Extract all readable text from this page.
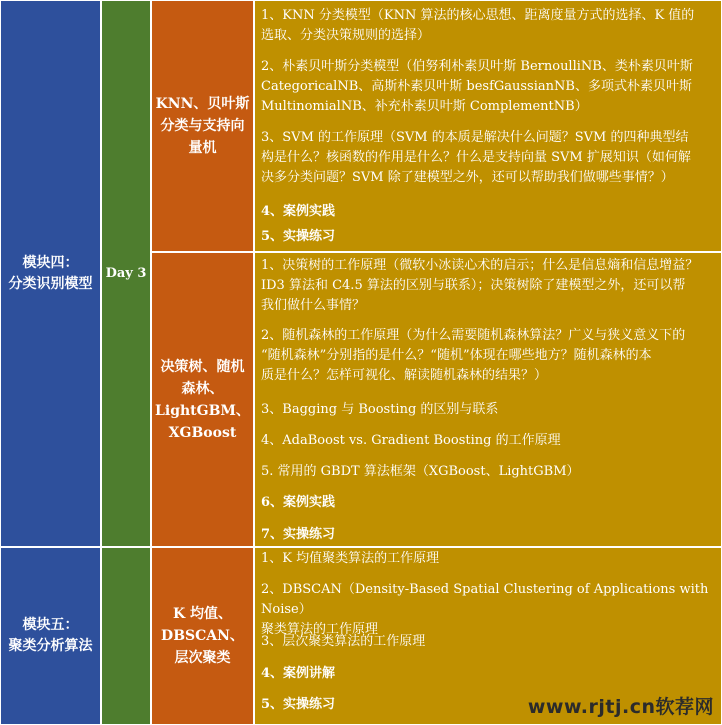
模块四：
分类识别模型
模块五：
聚类分析算法
Day 3
KNN、贝叶斯
分类与支持向
量机
决策树、随机
森林、
LightGBM、
XGBoost
K 均值、
DBSCAN、
层次聚类
1、KNN 分类模型（KNN 算法的核心思想、距离度量方式的选择、K 值的
选取、分类决策规则的选择）
2、朴素贝叶斯分类模型（伯努利朴素贝叶斯 BernoulliNB、类朴素贝叶斯
CategoricalNB、高斯朴素贝叶斯 besfGaussianNB、多项式朴素贝叶斯
MultinomialNB、补充朴素贝叶斯 ComplementNB）
3、SVM 的工作原理（SVM 的本质是解决什么问题？SVM 的四种典型结
构是什么？核函数的作用是什么？什么是支持向量 SVM 扩展知识（如何解
决多分类问题？SVM 除了建模型之外，还可以帮助我们做哪些事情？）
4、案例实践
5、实操练习
1、决策树的工作原理（微软小冰读心术的启示；什么是信息熵和信息增益？
ID3 算法和 C4.5 算法的区别与联系）；决策树除了建模型之外，还可以帮
我们做什么事情？
2、随机森林的工作原理（为什么需要随机森林算法？广义与狭义意义下的
“随机森林”分别指的是什么？“随机”体现在哪些地方？随机森林的本
质是什么？怎样可视化、解读随机森林的结果？）
3、Bagging 与 Boosting 的区别与联系
4、AdaBoost vs. Gradient Boosting 的工作原理
5. 常用的 GBDT 算法框架（XGBoost、LightGBM）
6、案例实践
7、实操练习
1、K 均值聚类算法的工作原理
2、DBSCAN（Density-Based Spatial Clustering of Applications with Noise）
聚类算法的工作原理
3、层次聚类算法的工作原理
4、案例讲解
5、实操练习	www.rjtj.cn软荐网
